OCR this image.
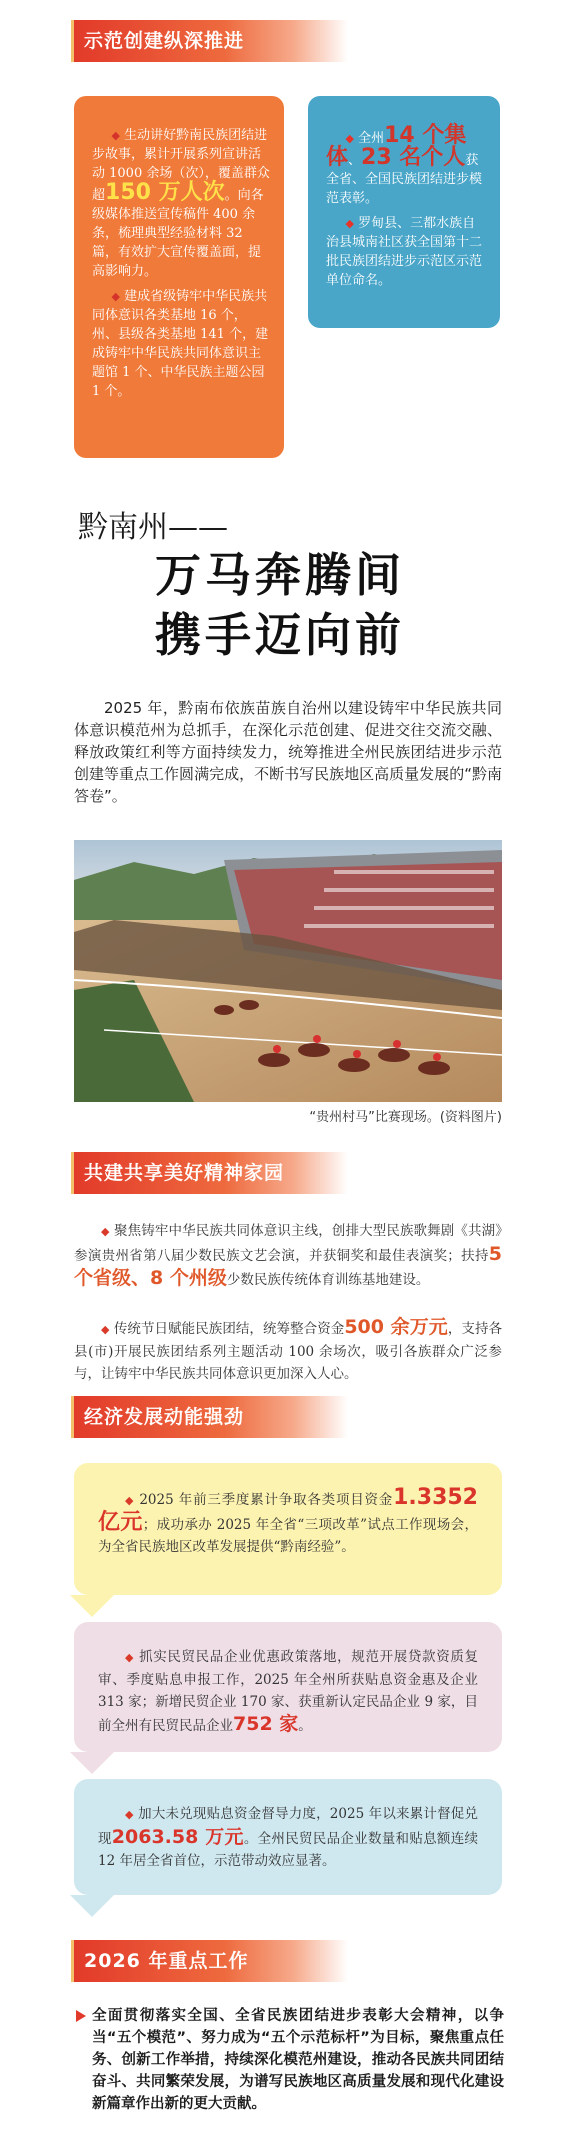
示范创建纵深推进

◆ 生动讲好黔南民族团结进步故事，累计开展系列宣讲活动 1000 余场（次），覆盖群众超150 万人次。向各级媒体推送宣传稿件 400 余条，梳理典型经验材料 32 篇，有效扩大宣传覆盖面，提高影响力。

◆ 建成省级铸牢中华民族共同体意识各类基地 16 个，州、县级各类基地 141 个，建成铸牢中华民族共同体意识主题馆 1 个、中华民族主题公园 1 个。

◆ 全州14 个集体、23 名个人获全省、全国民族团结进步模范表彰。

◆ 罗甸县、三都水族自治县城南社区获全国第十二批民族团结进步示范区示范单位命名。

黔南州——
万马奔腾间
携手迈向前
2025 年，黔南布依族苗族自治州以建设铸牢中华民族共同体意识模范州为总抓手，在深化示范创建、促进交往交流交融、释放政策红利等方面持续发力，统筹推进全州民族团结进步示范创建等重点工作圆满完成，不断书写民族地区高质量发展的“黔南答卷”。
“贵州村马”比赛现场。(资料图片)
共建共享美好精神家园
◆ 聚焦铸牢中华民族共同体意识主线，创排大型民族歌舞剧《共湖》参演贵州省第八届少数民族文艺会演，并获铜奖和最佳表演奖；扶持5 个省级、8 个州级少数民族传统体育训练基地建设。
◆ 传统节日赋能民族团结，统筹整合资金500 余万元，支持各县(市)开展民族团结系列主题活动 100 余场次，吸引各族群众广泛参与，让铸牢中华民族共同体意识更加深入人心。
经济发展动能强劲

◆ 2025 年前三季度累计争取各类项目资金1.3352 亿元；成功承办 2025 年全省“三项改革”试点工作现场会，为全省民族地区改革发展提供“黔南经验”。

◆ 抓实民贸民品企业优惠政策落地，规范开展贷款资质复审、季度贴息申报工作，2025 年全州所获贴息资金惠及企业 313 家；新增民贸企业 170 家、获重新认定民品企业 9 家，目前全州有民贸民品企业752 家。

◆ 加大未兑现贴息资金督导力度，2025 年以来累计督促兑现2063.58 万元。全州民贸民品企业数量和贴息额连续 12 年居全省首位，示范带动效应显著。

2026 年重点工作
全面贯彻落实全国、全省民族团结进步表彰大会精神，以争当“五个模范”、努力成为“五个示范标杆”为目标，聚焦重点任务、创新工作举措，持续深化模范州建设，推动各民族共同团结奋斗、共同繁荣发展，为谱写民族地区高质量发展和现代化建设新篇章作出新的更大贡献。
